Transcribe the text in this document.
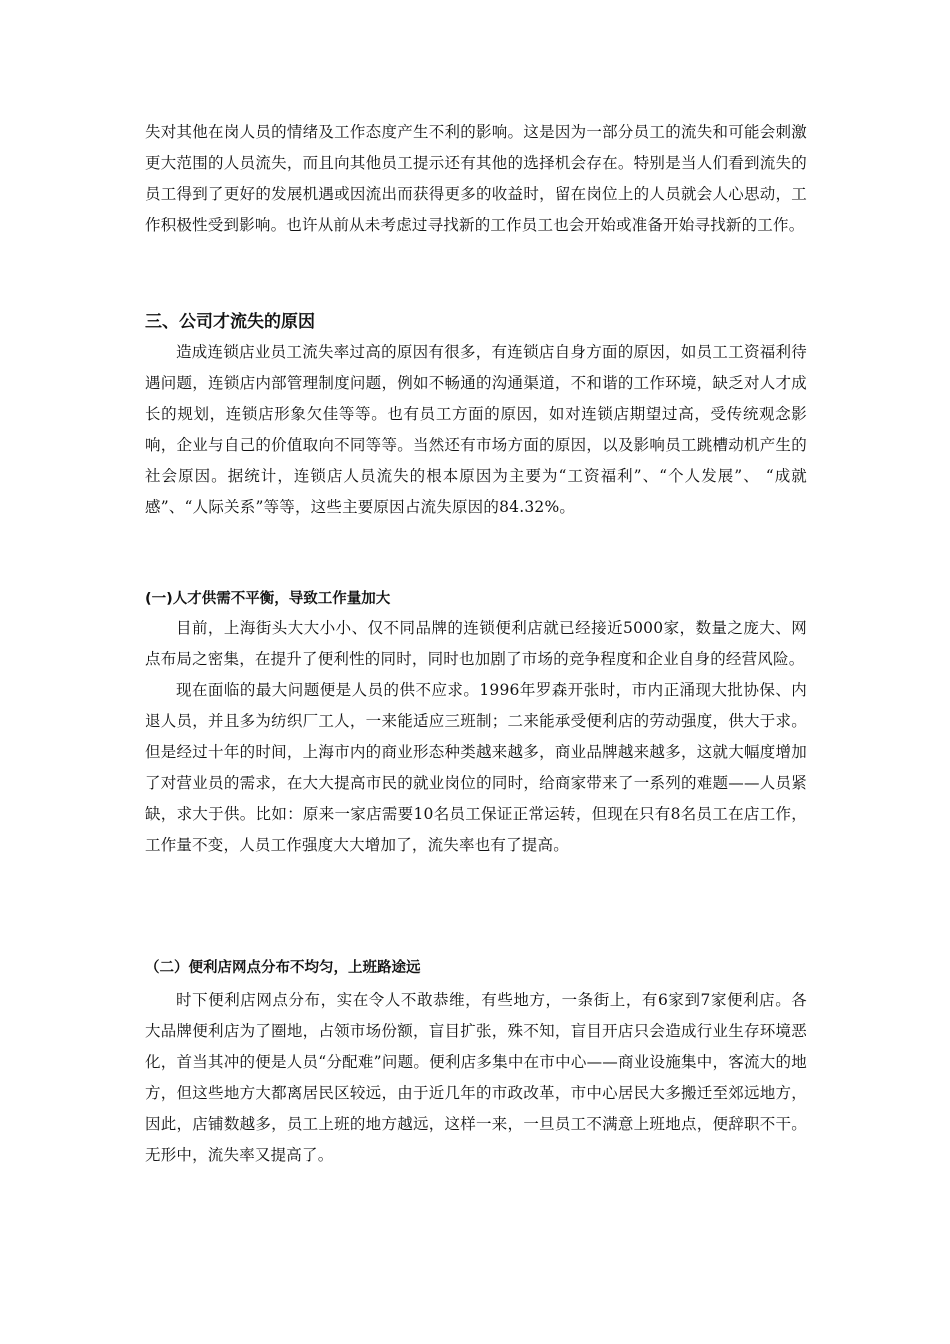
失对其他在岗人员的情绪及工作态度产生不利的影响。这是因为一部分员工的流失和可能会刺激更大范围的人员流失，而且向其他员工提示还有其他的选择机会存在。特别是当人们看到流失的员工得到了更好的发展机遇或因流出而获得更多的收益时，留在岗位上的人员就会人心思动，工作积极性受到影响。也许从前从未考虑过寻找新的工作员工也会开始或准备开始寻找新的工作。

三、公司才流失的原因

造成连锁店业员工流失率过高的原因有很多，有连锁店自身方面的原因，如员工工资福利待遇问题，连锁店内部管理制度问题，例如不畅通的沟通渠道，不和谐的工作环境，缺乏对人才成长的规划，连锁店形象欠佳等等。也有员工方面的原因，如对连锁店期望过高，受传统观念影响，企业与自己的价值取向不同等等。当然还有市场方面的原因，以及影响员工跳槽动机产生的社会原因。据统计，连锁店人员流失的根本原因为主要为“工资福利”、“个人发展”、 “成就感”、“人际关系”等等，这些主要原因占流失原因的84.32%。

(一)人才供需不平衡，导致工作量加大

目前，上海街头大大小小、仅不同品牌的连锁便利店就已经接近5000家，数量之庞大、网点布局之密集，在提升了便利性的同时，同时也加剧了市场的竞争程度和企业自身的经营风险。

现在面临的最大问题便是人员的供不应求。1996年罗森开张时，市内正涌现大批协保、内退人员，并且多为纺织厂工人，一来能适应三班制；二来能承受便利店的劳动强度，供大于求。但是经过十年的时间，上海市内的商业形态种类越来越多，商业品牌越来越多，这就大幅度增加了对营业员的需求，在大大提高市民的就业岗位的同时，给商家带来了一系列的难题——人员紧缺，求大于供。比如：原来一家店需要10名员工保证正常运转，但现在只有8名员工在店工作，工作量不变，人员工作强度大大增加了，流失率也有了提高。

（二）便利店网点分布不均匀，上班路途远

时下便利店网点分布，实在令人不敢恭维，有些地方，一条街上，有6家到7家便利店。各大品牌便利店为了圈地，占领市场份额，盲目扩张，殊不知，盲目开店只会造成行业生存环境恶化，首当其冲的便是人员“分配难”问题。便利店多集中在市中心——商业设施集中，客流大的地方，但这些地方大都离居民区较远，由于近几年的市政改革，市中心居民大多搬迁至郊远地方，因此，店铺数越多，员工上班的地方越远，这样一来，一旦员工不满意上班地点，便辞职不干。无形中，流失率又提高了。
